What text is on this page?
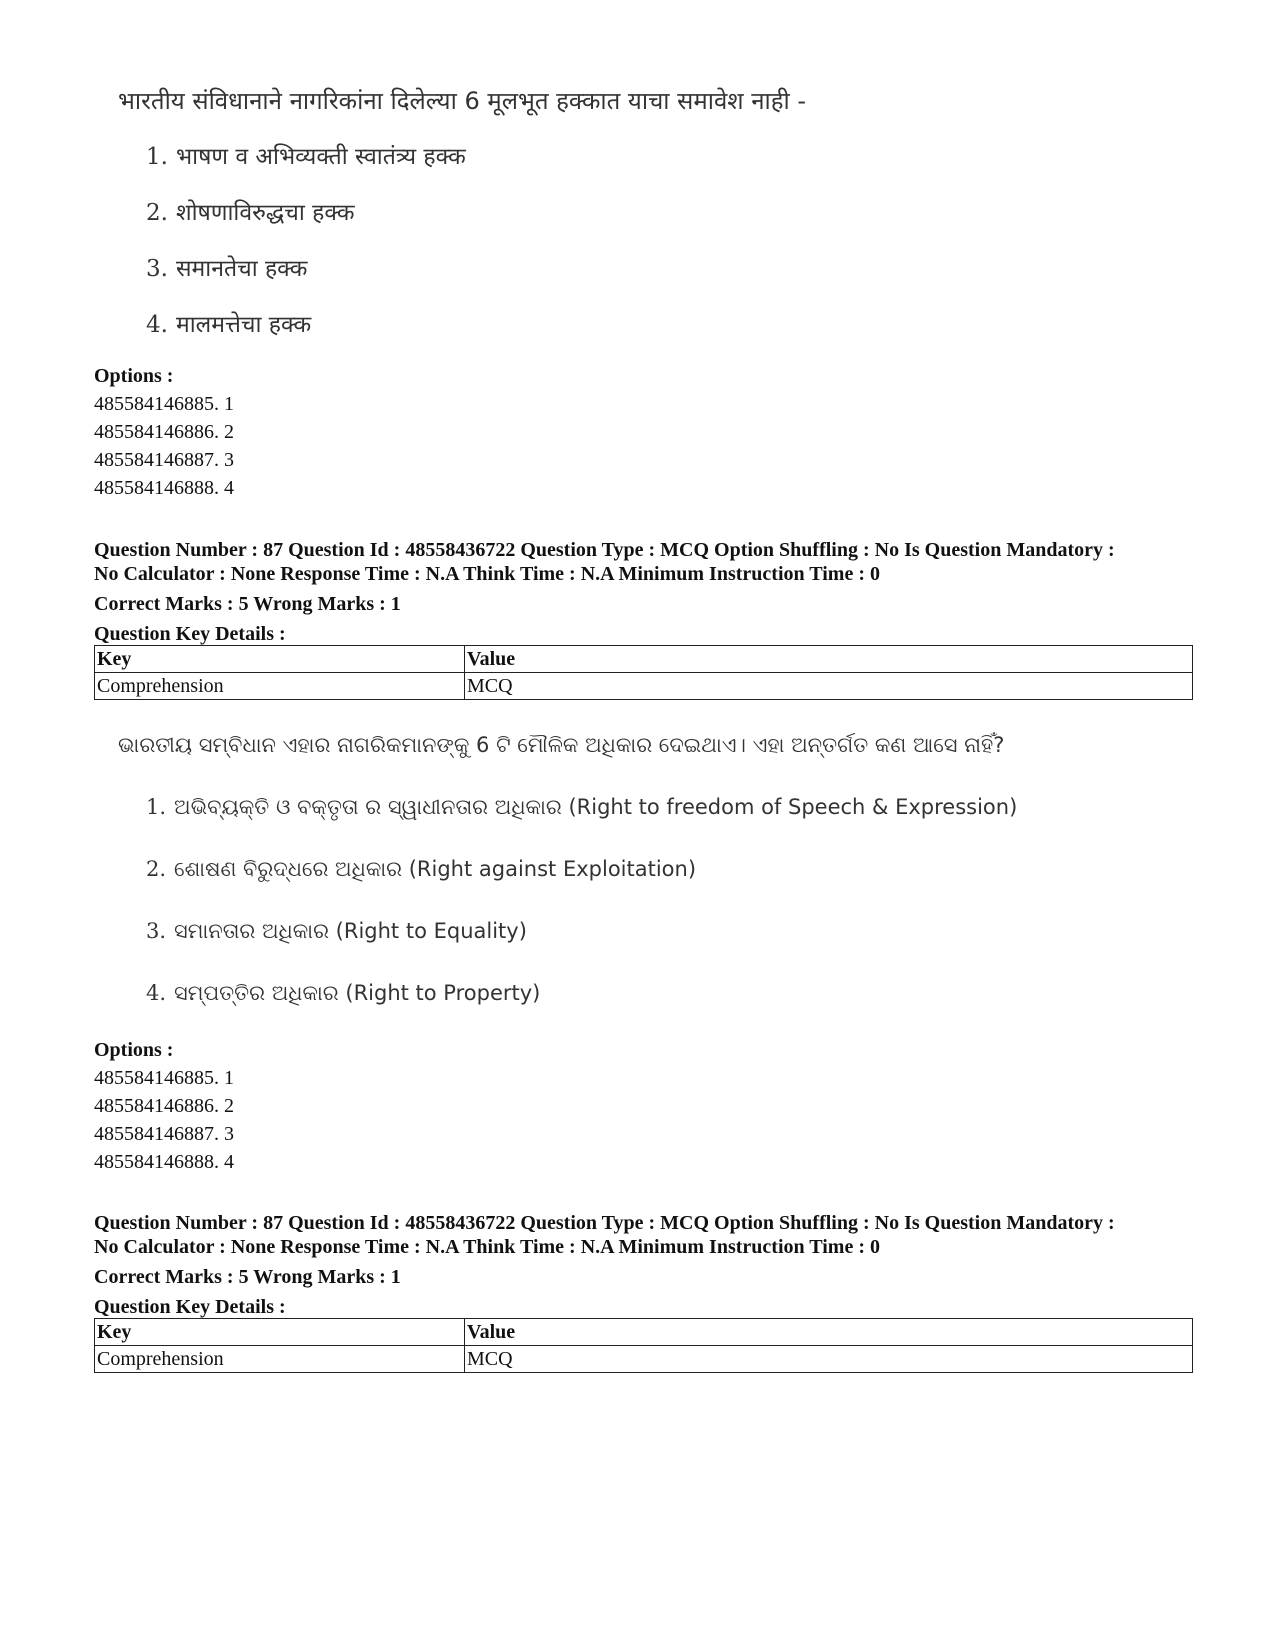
भारतीय संविधानाने नागरिकांना दिलेल्या 6 मूलभूत हक्कात याचा समावेश नाही -

1. भाषण व अभिव्यक्ती स्वातंत्र्य हक्क
2. शोषणाविरुद्धचा हक्क
3. समानतेचा हक्क
4. मालमत्तेचा हक्क

Options :

485584146885. 1

485584146886. 2

485584146887. 3

485584146888. 4

Question Number : 87 Question Id : 48558436722 Question Type : MCQ Option Shuffling : No Is Question Mandatory :

No Calculator : None Response Time : N.A Think Time : N.A Minimum Instruction Time : 0

Correct Marks : 5 Wrong Marks : 1

Question Key Details :

Key	Value
Comprehension	MCQ

ଭାରତୀୟ ସମ୍ବିଧାନ ଏହାର ନାଗରିକମାନଙ୍କୁ 6 ଟି ମୌଳିକ ଅଧିକାର ଦେଇଥାଏ। ଏହା ଅନ୍ତର୍ଗତ କଣ ଆସେ ନାହିଁ?

1. ଅଭିବ୍ୟକ୍ତି ଓ ବକ୍ତୃତା ର ସ୍ୱାଧୀନତାର ଅଧିକାର (Right to freedom of Speech & Expression)
2. ଶୋଷଣ ବିରୁଦ୍ଧରେ ଅଧିକାର (Right against Exploitation)
3. ସମାନତାର ଅଧିକାର (Right to Equality)
4. ସମ୍ପତ୍ତିର ଅଧିକାର (Right to Property)

Options :

485584146885. 1

485584146886. 2

485584146887. 3

485584146888. 4

Question Number : 87 Question Id : 48558436722 Question Type : MCQ Option Shuffling : No Is Question Mandatory :

No Calculator : None Response Time : N.A Think Time : N.A Minimum Instruction Time : 0

Correct Marks : 5 Wrong Marks : 1

Question Key Details :

Key	Value
Comprehension	MCQ
